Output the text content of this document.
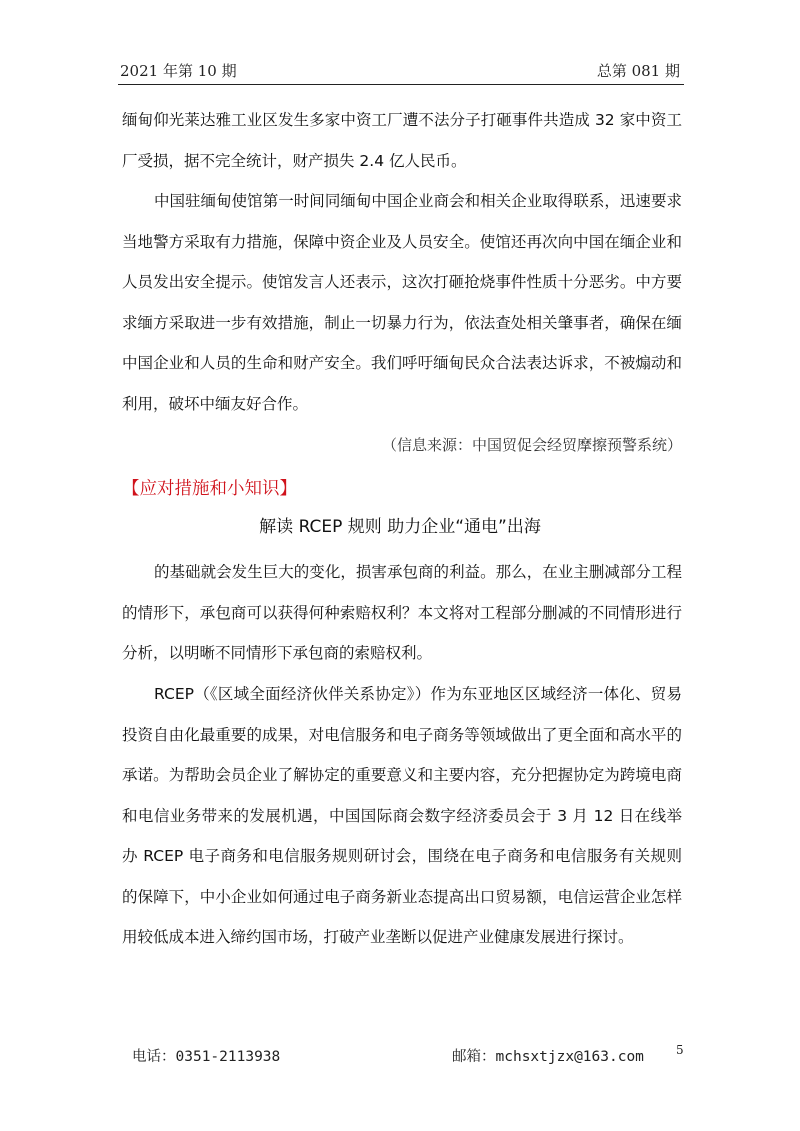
2021 年第 10 期	总第 081 期

缅甸仰光莱达雅工业区发生多家中资工厂遭不法分子打砸事件共造成 32 家中资工厂受损，据不完全统计，财产损失 2.4 亿人民币。

中国驻缅甸使馆第一时间同缅甸中国企业商会和相关企业取得联系，迅速要求当地警方采取有力措施，保障中资企业及人员安全。使馆还再次向中国在缅企业和人员发出安全提示。使馆发言人还表示，这次打砸抢烧事件性质十分恶劣。中方要求缅方采取进一步有效措施，制止一切暴力行为，依法查处相关肇事者，确保在缅中国企业和人员的生命和财产安全。我们呼吁缅甸民众合法表达诉求，不被煽动和利用，破坏中缅友好合作。

（信息来源：中国贸促会经贸摩擦预警系统）
【应对措施和小知识】
解读 RCEP 规则 助力企业“通电”出海

的基础就会发生巨大的变化，损害承包商的利益。那么，在业主删减部分工程的情形下，承包商可以获得何种索赔权利？本文将对工程部分删减的不同情形进行分析，以明晰不同情形下承包商的索赔权利。

RCEP（《区域全面经济伙伴关系协定》）作为东亚地区区域经济一体化、贸易投资自由化最重要的成果，对电信服务和电子商务等领域做出了更全面和高水平的承诺。为帮助会员企业了解协定的重要意义和主要内容，充分把握协定为跨境电商和电信业务带来的发展机遇，中国国际商会数字经济委员会于 3 月 12 日在线举办 RCEP 电子商务和电信服务规则研讨会，围绕在电子商务和电信服务有关规则的保障下，中小企业如何通过电子商务新业态提高出口贸易额，电信运营企业怎样用较低成本进入缔约国市场，打破产业垄断以促进产业健康发展进行探讨。

电话：0351-2113938	邮箱：mchsxtjzx@163.com	5
